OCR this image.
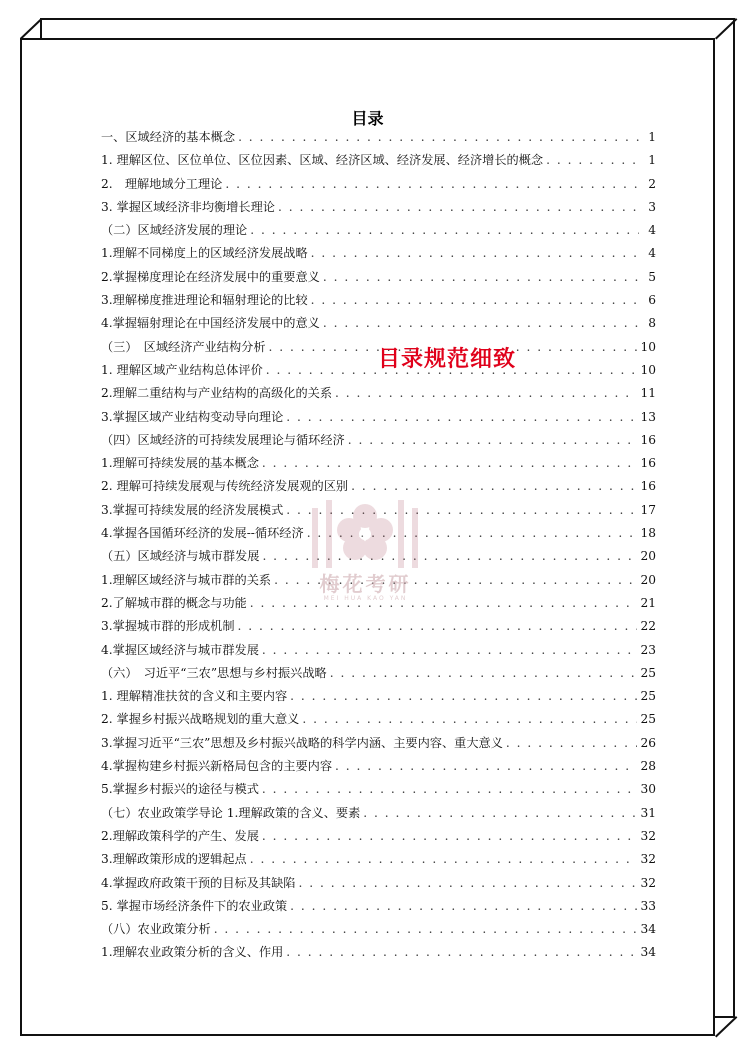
目录
一、区域经济的基本概念 . . .	1
1. 理解区位、区位单位、区位因素、区域、经济区域、经济发展、经济增长的概念 . . .	1
2.　理解地域分工理论 . . .	2
3. 掌握区域经济非均衡增长理论 . . .	3
（二）区域经济发展的理论 . . .	4
1.理解不同梯度上的区域经济发展战略 . . .	4
2.掌握梯度理论在经济发展中的重要意义 . . .	5
3.理解梯度推进理论和辐射理论的比较 . . .	6
4.掌握辐射理论在中国经济发展中的意义 . . .	8
（三）　区域经济产业结构分析 . . .	10
1. 理解区域产业结构总体评价 . . .	10
2.理解二重结构与产业结构的高级化的关系 . . .	11
3.掌握区域产业结构变动导向理论 . . .	13
（四）区域经济的可持续发展理论与循环经济 . . .	16
1.理解可持续发展的基本概念 . . .	16
2. 理解可持续发展观与传统经济发展观的区别 . . .	16
3.掌握可持续发展的经济发展模式 . . .	17
4.掌握各国循环经济的发展--循环经济 . . .	18
（五）区域经济与城市群发展 . . .	20
1.理解区域经济与城市群的关系 . . .	20
2.了解城市群的概念与功能 . . .	21
3.掌握城市群的形成机制 . . .	22
4.掌握区域经济与城市群发展 . . .	23
（六）　习近平“三农”思想与乡村振兴战略 . . .	25
1. 理解精准扶贫的含义和主要内容 . . .	25
2. 掌握乡村振兴战略规划的重大意义 . . .	25
3.掌握习近平“三农”思想及乡村振兴战略的科学内涵、主要内容、重大意义 . . .	26
4.掌握构建乡村振兴新格局包含的主要内容 . . .	28
5.掌握乡村振兴的途径与模式 . . .	30
（七）农业政策学导论 1.理解政策的含义、要素 . . .	31
2.理解政策科学的产生、发展 . . .	32
3.理解政策形成的逻辑起点 . . .	32
4.掌握政府政策干预的目标及其缺陷 . . .	32
5. 掌握市场经济条件下的农业政策 . . .	33
（八）农业政策分析 . . .	34
1.理解农业政策分析的含义、作用 . . .	34
目录规范细致
梅花考研
MEI HUA KAO YAN
